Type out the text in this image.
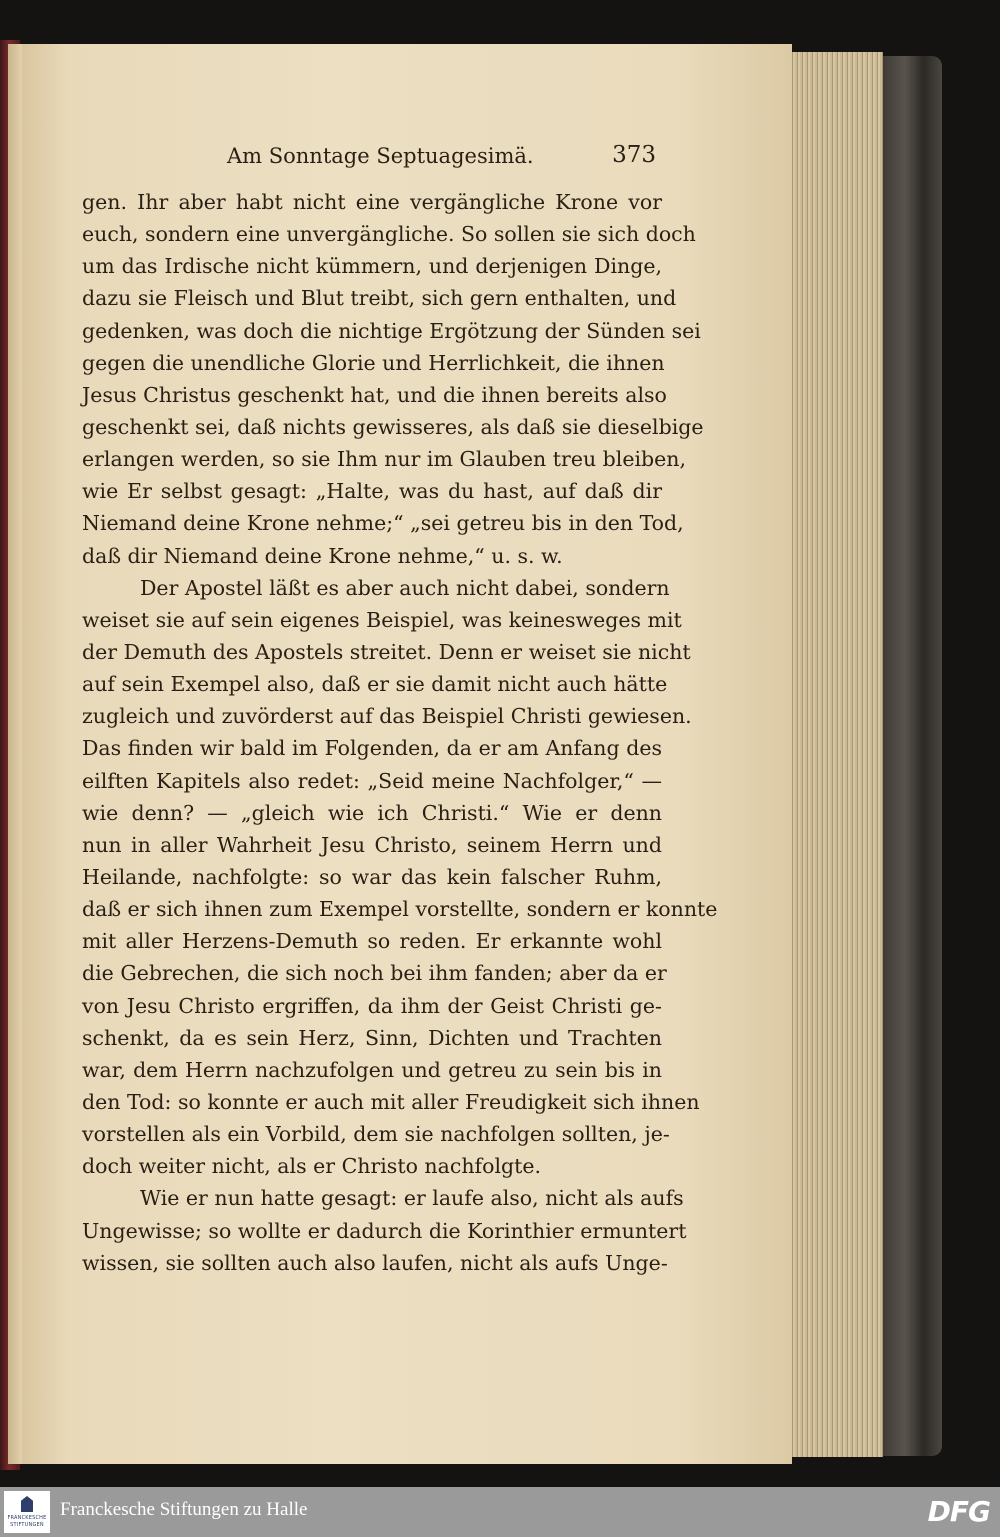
Am Sonntage Septuagesimä.	373
gen. Ihr aber habt nicht eine vergängliche Krone vor
euch, sondern eine unvergängliche. So sollen sie sich doch
um das Irdische nicht kümmern, und derjenigen Dinge,
dazu sie Fleisch und Blut treibt, sich gern enthalten, und
gedenken, was doch die nichtige Ergötzung der Sünden sei
gegen die unendliche Glorie und Herrlichkeit, die ihnen
Jesus Christus geschenkt hat, und die ihnen bereits also
geschenkt sei, daß nichts gewisseres, als daß sie dieselbige
erlangen werden, so sie Ihm nur im Glauben treu bleiben,
wie Er selbst gesagt: „Halte, was du hast, auf daß dir
Niemand deine Krone nehme;“ „sei getreu bis in den Tod,
daß dir Niemand deine Krone nehme,“ u. s. w.
Der Apostel läßt es aber auch nicht dabei, sondern
weiset sie auf sein eigenes Beispiel, was keinesweges mit
der Demuth des Apostels streitet. Denn er weiset sie nicht
auf sein Exempel also, daß er sie damit nicht auch hätte
zugleich und zuvörderst auf das Beispiel Christi gewiesen.
Das finden wir bald im Folgenden, da er am Anfang des
eilften Kapitels also redet: „Seid meine Nachfolger,“ —
wie denn? — „gleich wie ich Christi.“ Wie er denn
nun in aller Wahrheit Jesu Christo, seinem Herrn und
Heilande, nachfolgte: so war das kein falscher Ruhm,
daß er sich ihnen zum Exempel vorstellte, sondern er konnte
mit aller Herzens-Demuth so reden. Er erkannte wohl
die Gebrechen, die sich noch bei ihm fanden; aber da er
von Jesu Christo ergriffen, da ihm der Geist Christi ge-
schenkt, da es sein Herz, Sinn, Dichten und Trachten
war, dem Herrn nachzufolgen und getreu zu sein bis in
den Tod: so konnte er auch mit aller Freudigkeit sich ihnen
vorstellen als ein Vorbild, dem sie nachfolgen sollten, je-
doch weiter nicht, als er Christo nachfolgte.
Wie er nun hatte gesagt: er laufe also, nicht als aufs
Ungewisse; so wollte er dadurch die Korinthier ermuntert
wissen, sie sollten auch also laufen, nicht als aufs Unge-
FRANCKESCHE
STIFTUNGEN
Franckesche Stiftungen zu Halle	DFG
